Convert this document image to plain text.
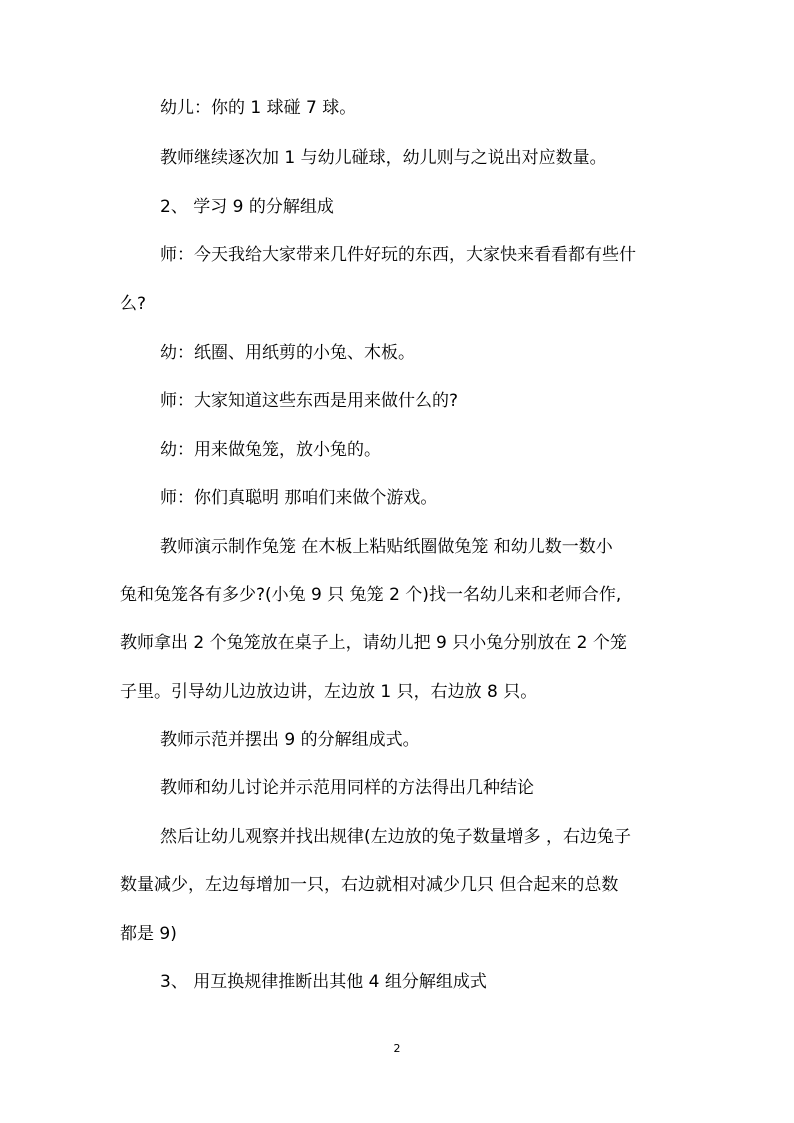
幼儿：你的 1 球碰 7 球。
教师继续逐次加 1 与幼儿碰球，幼儿则与之说出对应数量。
2、 学习 9 的分解组成
师：今天我给大家带来几件好玩的东西，大家快来看看都有些什
么?
幼：纸圈、用纸剪的小兔、木板。
师：大家知道这些东西是用来做什么的?
幼：用来做兔笼，放小兔的。
师：你们真聪明 那咱们来做个游戏。
教师演示制作兔笼 在木板上粘贴纸圈做兔笼 和幼儿数一数小
兔和兔笼各有多少?(小兔 9 只 兔笼 2 个)找一名幼儿来和老师合作,
教师拿出 2 个兔笼放在桌子上，请幼儿把 9 只小兔分别放在 2 个笼
子里。引导幼儿边放边讲，左边放 1 只，右边放 8 只。
教师示范并摆出 9 的分解组成式。
教师和幼儿讨论并示范用同样的方法得出几种结论
然后让幼儿观察并找出规律(左边放的兔子数量增多 ，右边兔子
数量减少，左边每增加一只，右边就相对减少几只 但合起来的总数
都是 9)
3、 用互换规律推断出其他 4 组分解组成式
2
